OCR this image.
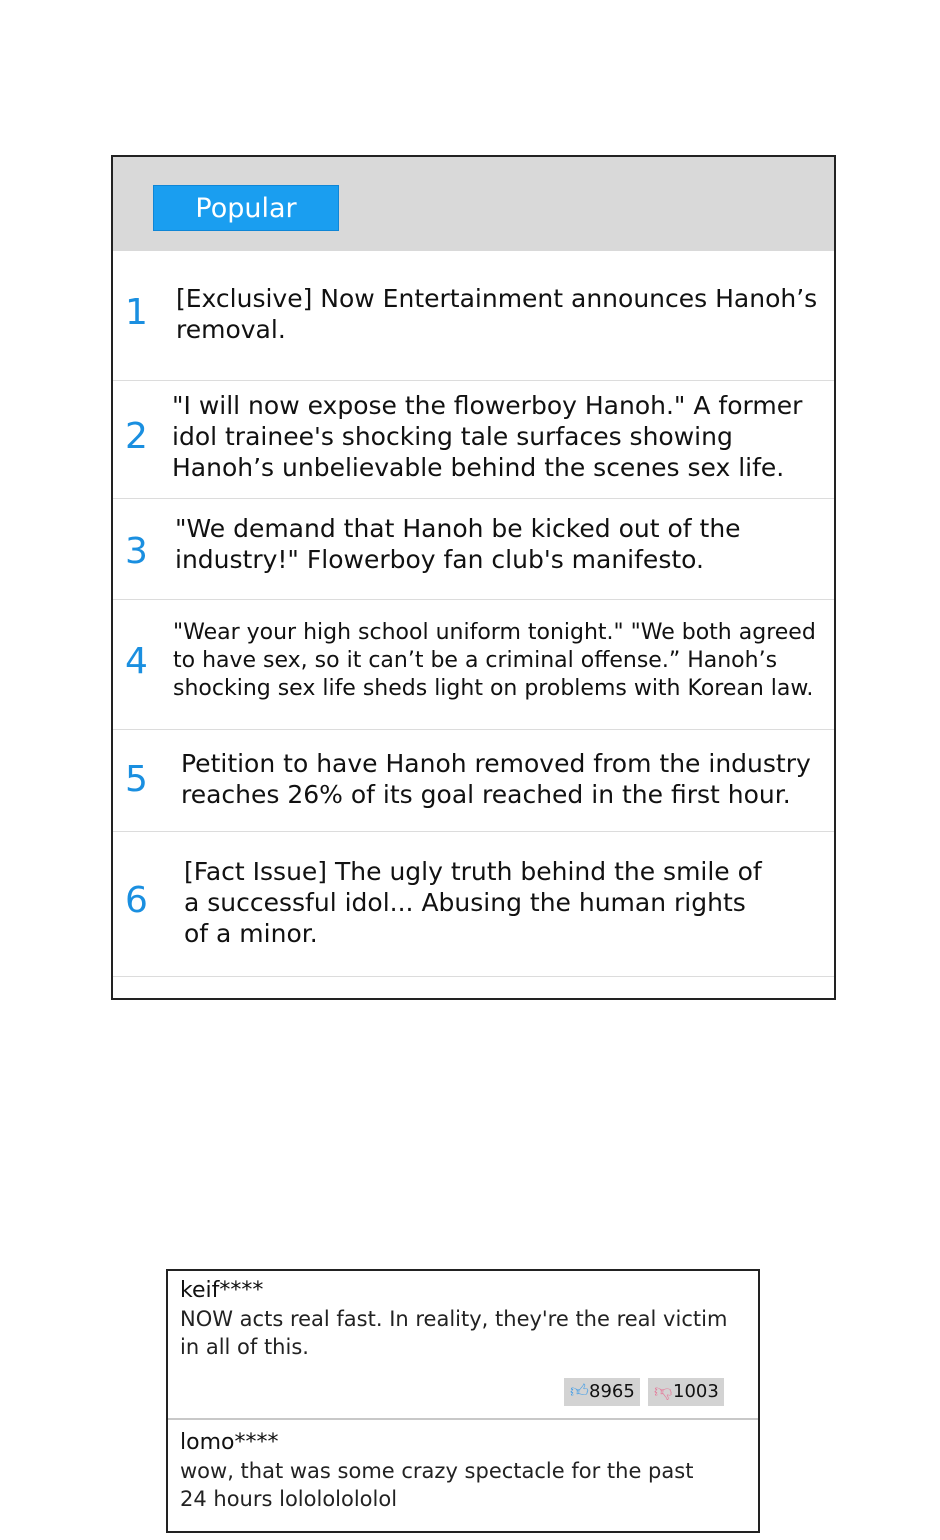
Popular
1 [Exclusive] Now Entertainment announces Hanoh’s
removal.

2

"I will now expose the flowerboy Hanoh." A former
idol trainee's shocking tale surfaces showing
Hanoh’s unbelievable behind the scenes sex life.

3

"We demand that Hanoh be kicked out of the
industry!" Flowerboy fan club's manifesto.

4

"Wear your high school uniform tonight." "We both agreed
to have sex, so it can’t be a criminal offense.” Hanoh’s
shocking sex life sheds light on problems with Korean law.

5 Petition to have Hanoh removed from the industry
reaches 26% of its goal reached in the first hour.

6

[Fact Issue] The ugly truth behind the smile of
a successful idol... Abusing the human rights
of a minor.

keif****
NOW acts real fast. In reality, they're the real victim
in all of this.
👍︎8965	👎︎1003
lomo****
wow, that was some crazy spectacle for the past
24 hours lolololololol
